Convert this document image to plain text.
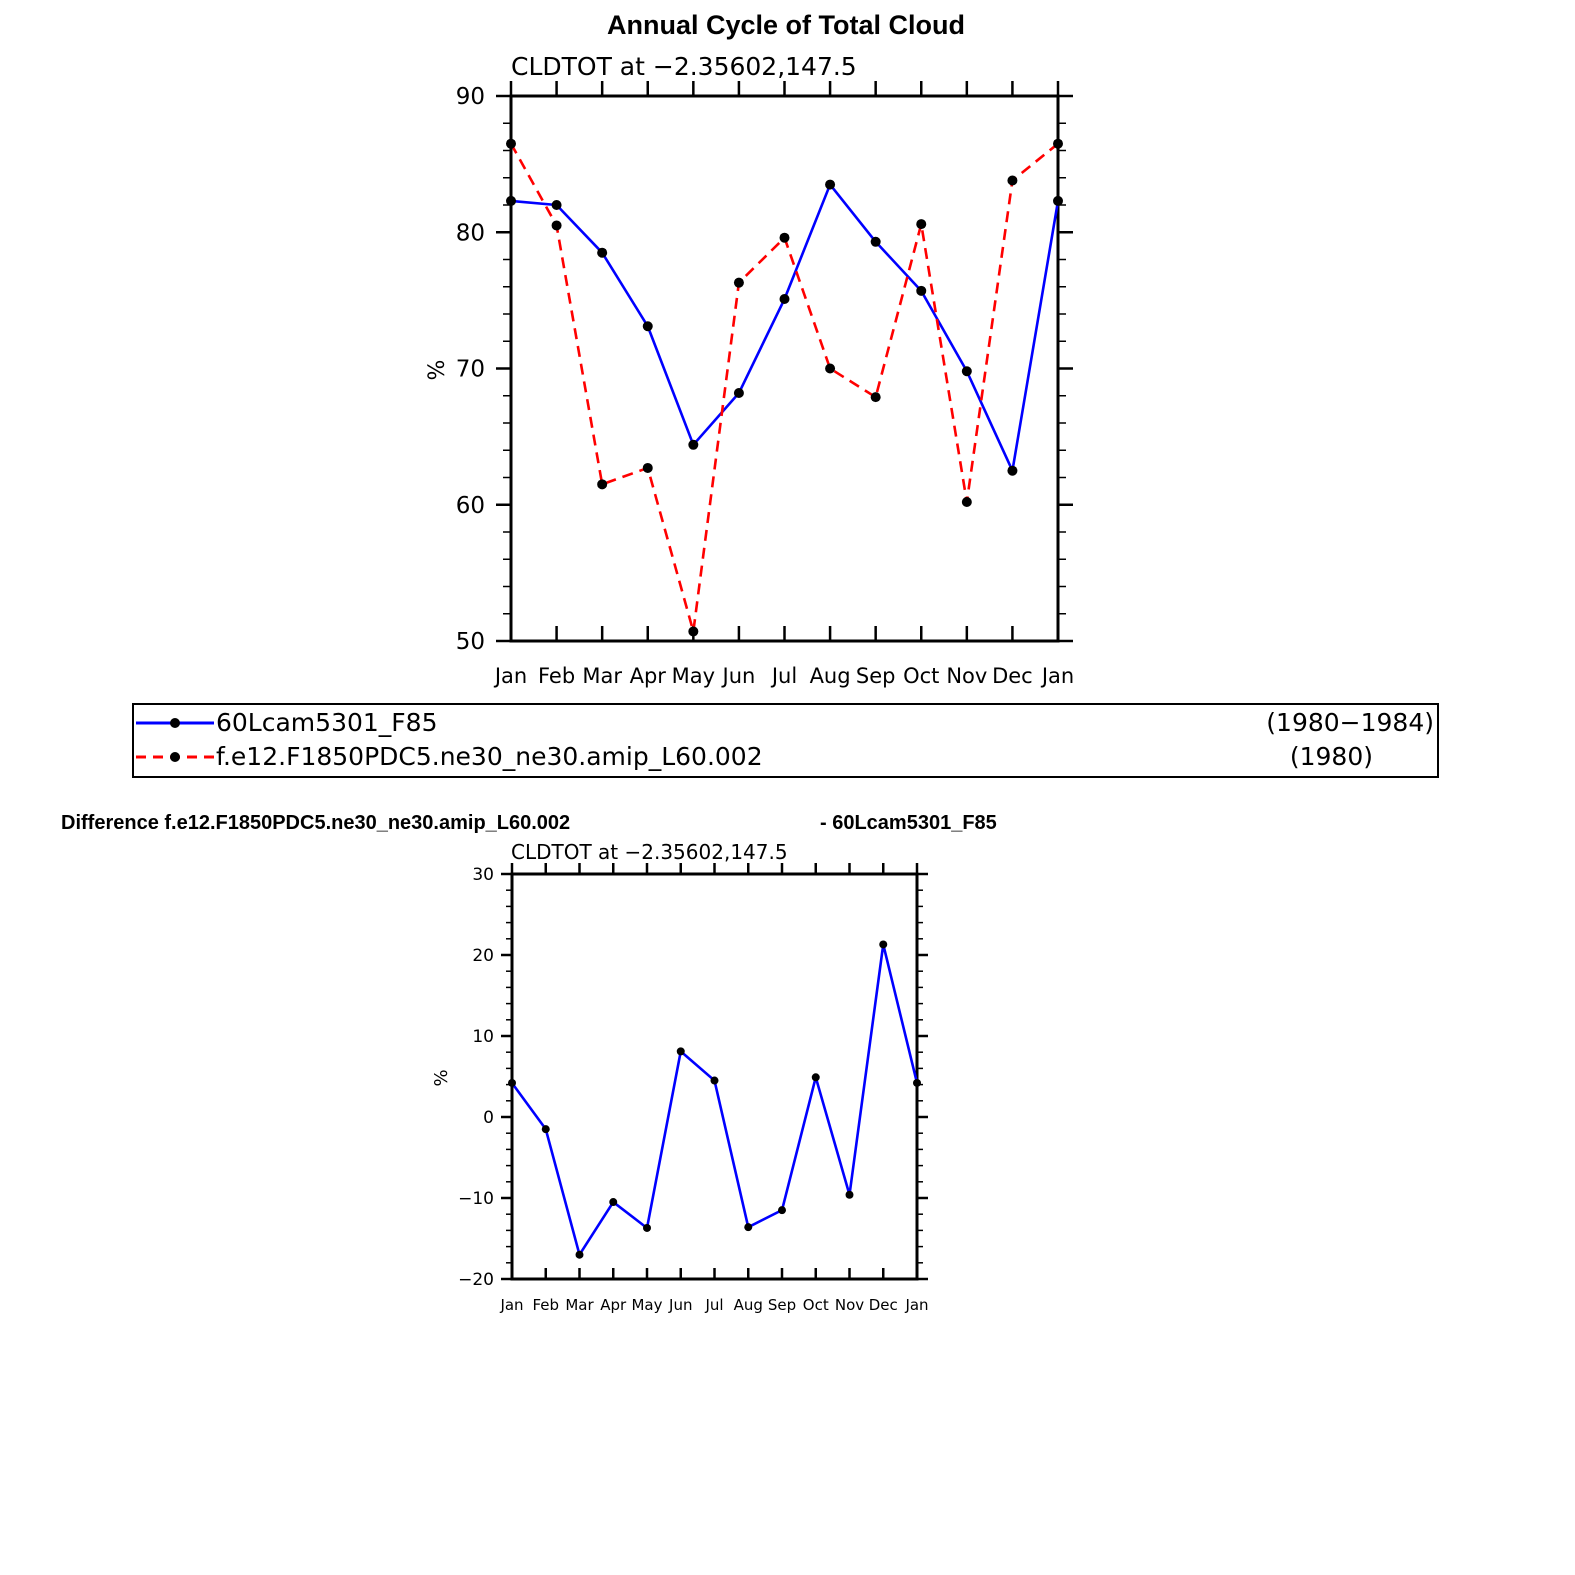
Annual Cycle of Total Cloud
CLDTOT at −2.35602,147.5
%
Jan Feb Mar Apr May Jun Jul Aug Sep Oct Nov Dec Jan
50
60
70
80
90
60Lcam5301_F85	(1980−1984)
f.e12.F1850PDC5.ne30_ne30.amip_L60.002	(1980)
Difference f.e12.F1850PDC5.ne30_ne30.amip_L60.002	- 60Lcam5301_F85
CLDTOT at −2.35602,147.5
%
Jan Feb Mar Apr May Jun Jul Aug Sep Oct Nov Dec Jan
−20
−10
0
10
20
30
